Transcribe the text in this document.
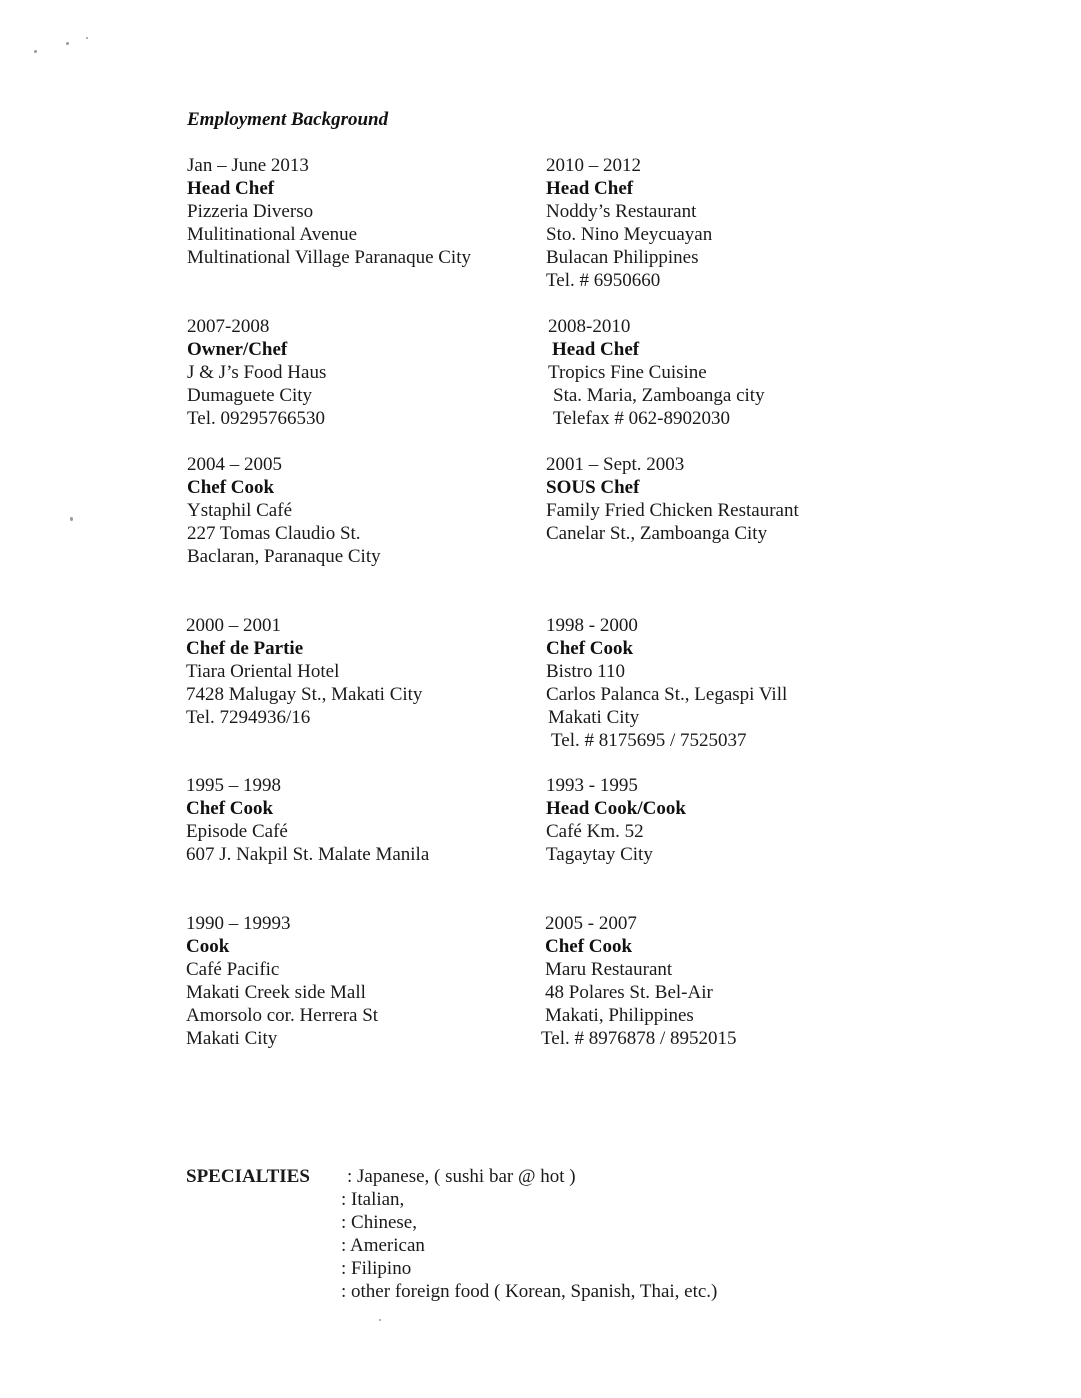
Employment Background
Jan – June 2013
Head Chef
Pizzeria Diverso
Mulitinational Avenue
Multinational Village Paranaque City
2010 – 2012
Head Chef
Noddy’s Restaurant
Sto. Nino Meycuayan
Bulacan Philippines
Tel. # 6950660
2007-2008
Owner/Chef
J & J’s Food Haus
Dumaguete City
Tel. 09295766530
2008-2010
Head Chef
Tropics Fine Cuisine
Sta. Maria, Zamboanga city
Telefax # 062-8902030
2004 – 2005
Chef Cook
Ystaphil Café
227 Tomas Claudio St.
Baclaran, Paranaque City
2001 – Sept. 2003
SOUS Chef
Family Fried Chicken Restaurant
Canelar St., Zamboanga City
2000 – 2001
Chef de Partie
Tiara Oriental Hotel
7428 Malugay St., Makati City
Tel. 7294936/16
1998 - 2000
Chef Cook
Bistro 110
Carlos Palanca St., Legaspi Vill
Makati City
Tel. # 8175695 / 7525037
1995 – 1998
Chef Cook
Episode Café
607 J. Nakpil St. Malate Manila
1993 - 1995
Head Cook/Cook
Café Km. 52
Tagaytay City
1990 – 19993
Cook
Café Pacific
Makati Creek side Mall
Amorsolo cor. Herrera St
Makati City
2005 - 2007
Chef Cook
Maru Restaurant
48 Polares St. Bel-Air
Makati, Philippines
Tel. # 8976878 / 8952015
SPECIALTIES	: Japanese, ( sushi bar @ hot )
: Italian,
: Chinese,
: American
: Filipino
: other foreign food ( Korean, Spanish, Thai, etc.)
